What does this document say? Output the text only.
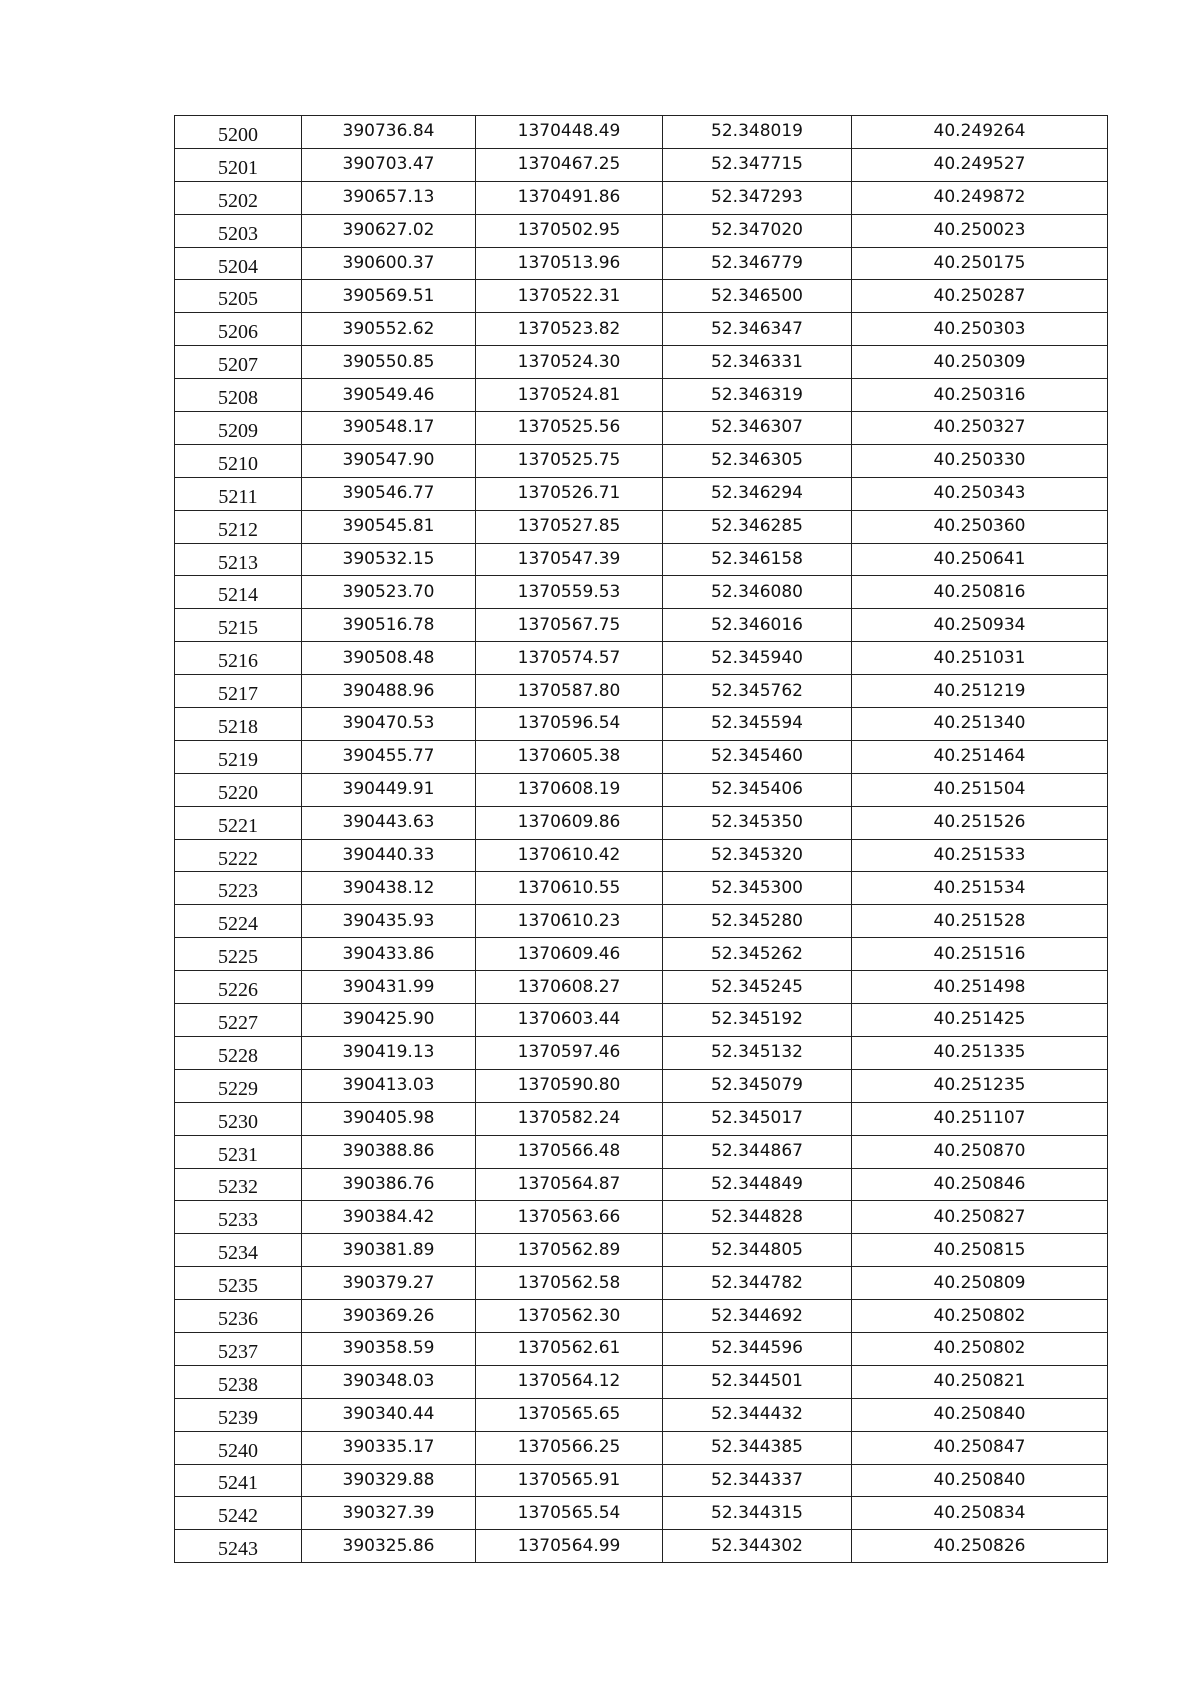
5200	390736.84	1370448.49	52.348019	40.249264
5201	390703.47	1370467.25	52.347715	40.249527
5202	390657.13	1370491.86	52.347293	40.249872
5203	390627.02	1370502.95	52.347020	40.250023
5204	390600.37	1370513.96	52.346779	40.250175
5205	390569.51	1370522.31	52.346500	40.250287
5206	390552.62	1370523.82	52.346347	40.250303
5207	390550.85	1370524.30	52.346331	40.250309
5208	390549.46	1370524.81	52.346319	40.250316
5209	390548.17	1370525.56	52.346307	40.250327
5210	390547.90	1370525.75	52.346305	40.250330
5211	390546.77	1370526.71	52.346294	40.250343
5212	390545.81	1370527.85	52.346285	40.250360
5213	390532.15	1370547.39	52.346158	40.250641
5214	390523.70	1370559.53	52.346080	40.250816
5215	390516.78	1370567.75	52.346016	40.250934
5216	390508.48	1370574.57	52.345940	40.251031
5217	390488.96	1370587.80	52.345762	40.251219
5218	390470.53	1370596.54	52.345594	40.251340
5219	390455.77	1370605.38	52.345460	40.251464
5220	390449.91	1370608.19	52.345406	40.251504
5221	390443.63	1370609.86	52.345350	40.251526
5222	390440.33	1370610.42	52.345320	40.251533
5223	390438.12	1370610.55	52.345300	40.251534
5224	390435.93	1370610.23	52.345280	40.251528
5225	390433.86	1370609.46	52.345262	40.251516
5226	390431.99	1370608.27	52.345245	40.251498
5227	390425.90	1370603.44	52.345192	40.251425
5228	390419.13	1370597.46	52.345132	40.251335
5229	390413.03	1370590.80	52.345079	40.251235
5230	390405.98	1370582.24	52.345017	40.251107
5231	390388.86	1370566.48	52.344867	40.250870
5232	390386.76	1370564.87	52.344849	40.250846
5233	390384.42	1370563.66	52.344828	40.250827
5234	390381.89	1370562.89	52.344805	40.250815
5235	390379.27	1370562.58	52.344782	40.250809
5236	390369.26	1370562.30	52.344692	40.250802
5237	390358.59	1370562.61	52.344596	40.250802
5238	390348.03	1370564.12	52.344501	40.250821
5239	390340.44	1370565.65	52.344432	40.250840
5240	390335.17	1370566.25	52.344385	40.250847
5241	390329.88	1370565.91	52.344337	40.250840
5242	390327.39	1370565.54	52.344315	40.250834
5243	390325.86	1370564.99	52.344302	40.250826
